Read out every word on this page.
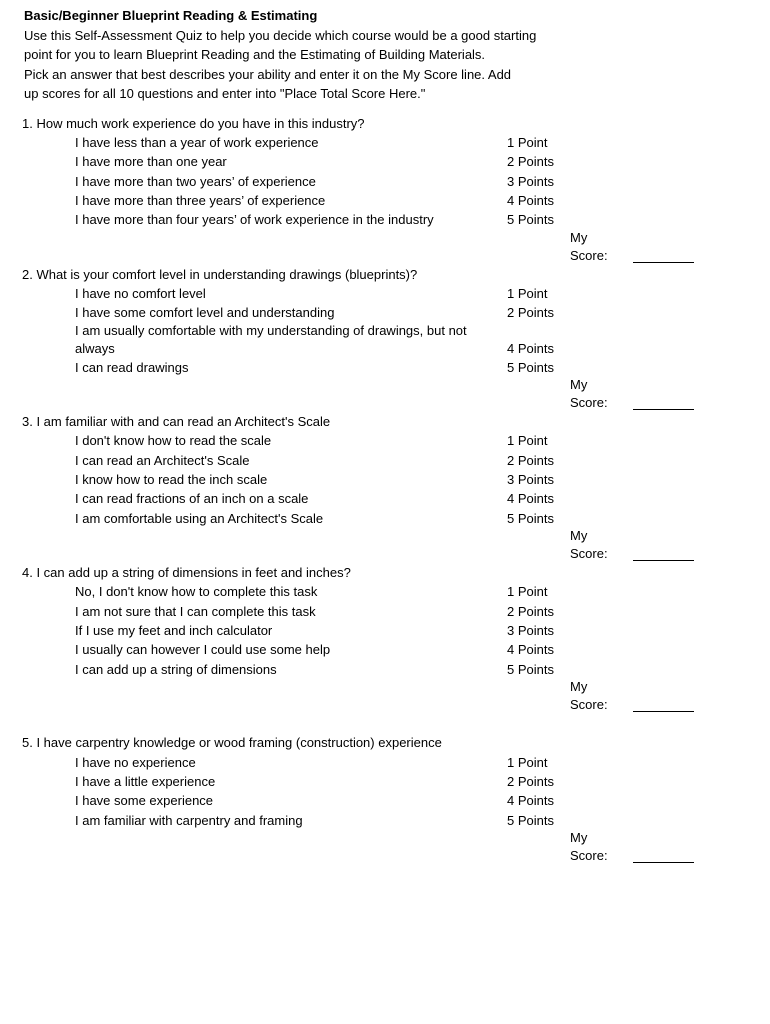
Basic/Beginner Blueprint Reading & Estimating
Use this Self-Assessment Quiz to help you decide which course would be a good starting
point for you to learn Blueprint Reading and the Estimating of Building Materials.
Pick an answer that best describes your ability and enter it on the My Score line. Add
up scores for all 10 questions and enter into "Place Total Score Here."
1. How much work experience do you have in this industry?
I have less than a year of work experience	1 Point
I have more than one year	2 Points
I have more than two years’ of experience	3 Points
I have more than three years’ of experience	4 Points
I have more than four years’ of work experience in the industry	5 Points
My
Score:
2. What is your comfort level in understanding drawings (blueprints)?
I have no comfort level	1 Point
I have some comfort level and understanding	2 Points
I am usually comfortable with my understanding of drawings, but not
always	4 Points
I can read drawings	5 Points
My
Score:
3. I am familiar with and can read an Architect's Scale
I don't know how to read the scale	1 Point
I can read an Architect's Scale	2 Points
I know how to read the inch scale	3 Points
I can read fractions of an inch on a scale	4 Points
I am comfortable using an Architect's Scale	5 Points
My
Score:
4. I can add up a string of dimensions in feet and inches?
No, I don't know how to complete this task	1 Point
I am not sure that I can complete this task	2 Points
If I use my feet and inch calculator	3 Points
I usually can however I could use some help	4 Points
I can add up a string of dimensions	5 Points
My
Score:
5. I have carpentry knowledge or wood framing (construction) experience
I have no experience	1 Point
I have a little experience	2 Points
I have some experience	4 Points
I am familiar with carpentry and framing	5 Points
My
Score:
